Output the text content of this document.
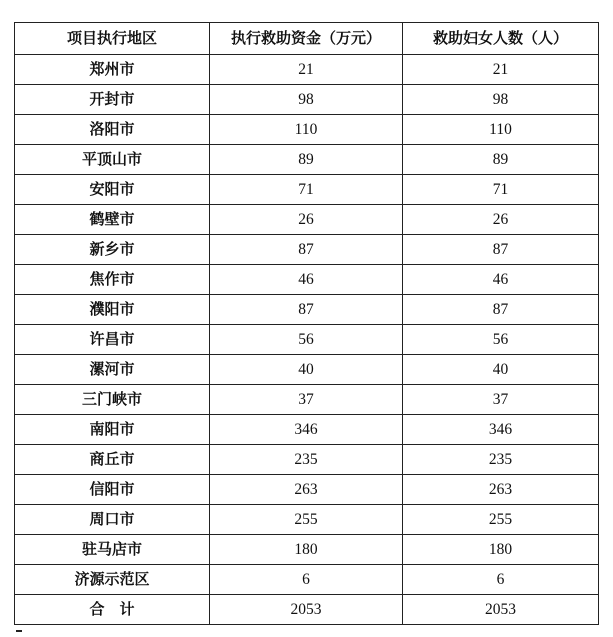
项目执行地区	执行救助资金（万元）	救助妇女人数（人）
郑州市	21	21
开封市	98	98
洛阳市	110	110
平顶山市	89	89
安阳市	71	71
鹤壁市	26	26
新乡市	87	87
焦作市	46	46
濮阳市	87	87
许昌市	56	56
漯河市	40	40
三门峡市	37	37
南阳市	346	346
商丘市	235	235
信阳市	263	263
周口市	255	255
驻马店市	180	180
济源示范区	6	6
合　计	2053	2053
